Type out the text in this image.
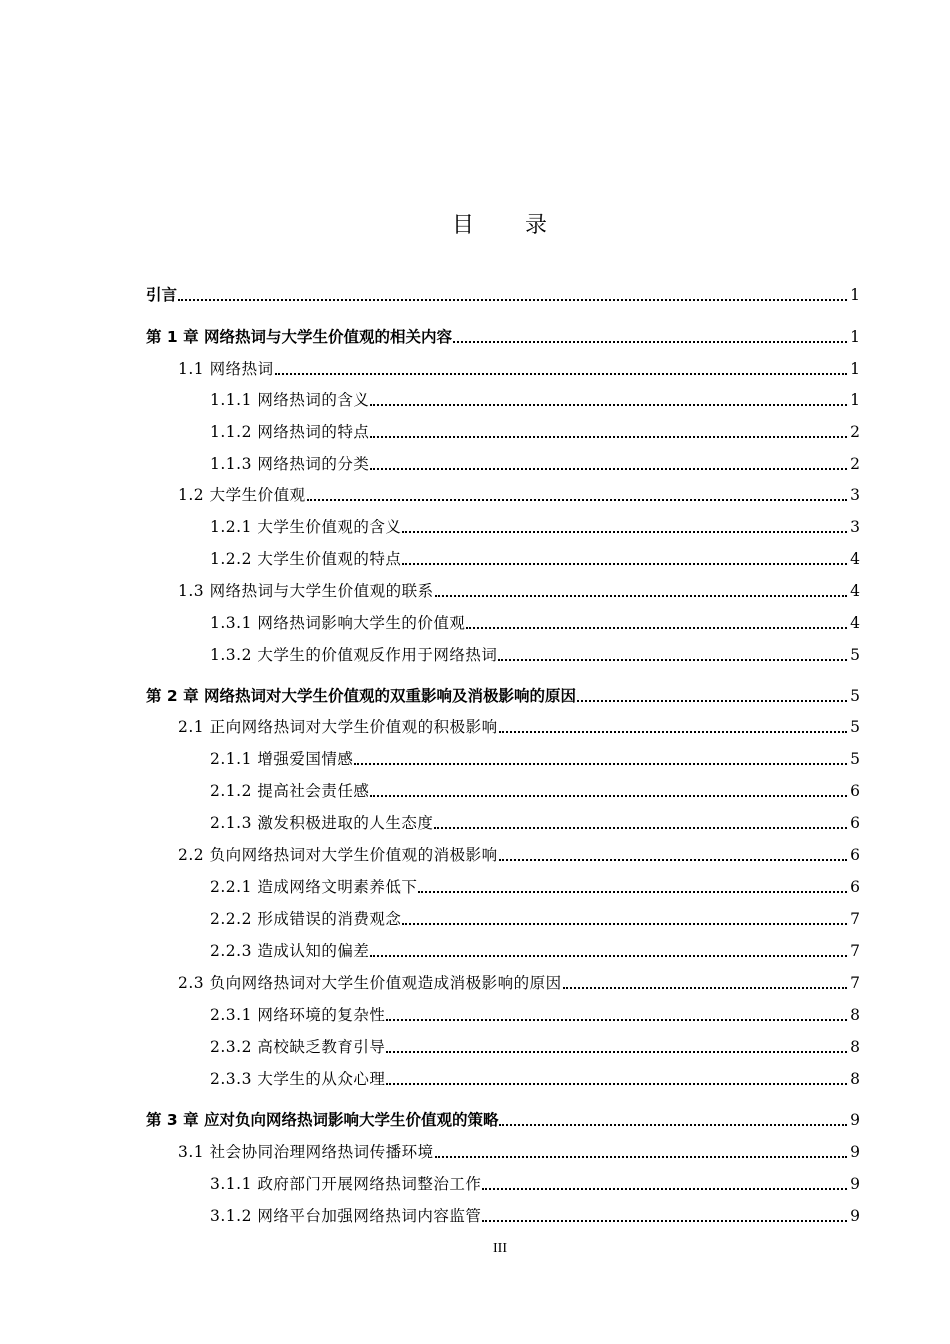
目 录
引言	1
第 1 章 网络热词与大学生价值观的相关内容	1
1.1 网络热词	1
1.1.1 网络热词的含义	1
1.1.2 网络热词的特点	2
1.1.3 网络热词的分类	2
1.2 大学生价值观	3
1.2.1 大学生价值观的含义	3
1.2.2 大学生价值观的特点	4
1.3 网络热词与大学生价值观的联系	4
1.3.1 网络热词影响大学生的价值观	4
1.3.2 大学生的价值观反作用于网络热词	5
第 2 章 网络热词对大学生价值观的双重影响及消极影响的原因	5
2.1 正向网络热词对大学生价值观的积极影响	5
2.1.1 增强爱国情感	5
2.1.2 提高社会责任感	6
2.1.3 激发积极进取的人生态度	6
2.2 负向网络热词对大学生价值观的消极影响	6
2.2.1 造成网络文明素养低下	6
2.2.2 形成错误的消费观念	7
2.2.3 造成认知的偏差	7
2.3 负向网络热词对大学生价值观造成消极影响的原因	7
2.3.1 网络环境的复杂性	8
2.3.2 高校缺乏教育引导	8
2.3.3 大学生的从众心理	8
第 3 章 应对负向网络热词影响大学生价值观的策略	9
3.1 社会协同治理网络热词传播环境	9
3.1.1 政府部门开展网络热词整治工作	9
3.1.2 网络平台加强网络热词内容监管	9
III
